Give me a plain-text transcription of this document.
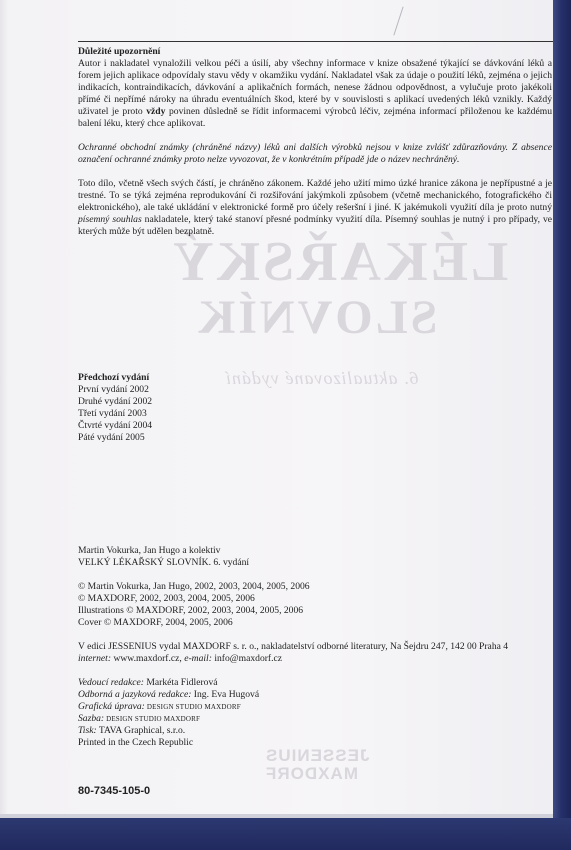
LÉKAŘSKÝ
SLOVNÍK
6. aktualizované vydání
JESSENIUS
MAXDORF
Důležité upozornění

Autor i nakladatel vynaložili velkou péči a úsilí, aby všechny informace v knize obsažené týkající se dávkování léků a forem jejich aplikace odpovídaly stavu vědy v okamžiku vydání. Nakladatel však za údaje o použití léků, zejména o jejich indikacích, kontraindikacích, dávkování a aplikačních formách, nenese žádnou odpovědnost, a vylučuje proto jakékoli přímé či nepřímé nároky na úhradu eventuálních škod, které by v souvislosti s aplikací uvedených léků vznikly. Každý uživatel je proto vždy povinen důsledně se řídit informacemi výrobců léčiv, zejména informací přiloženou ke každému balení léku, který chce aplikovat.

Ochranné obchodní známky (chráněné názvy) léků ani dalších výrobků nejsou v knize zvlášť zdůrazňovány. Z absence označení ochranné známky proto nelze vyvozovat, že v konkrétním případě jde o název nechráněný.

Toto dílo, včetně všech svých částí, je chráněno zákonem. Každé jeho užití mimo úzké hranice zákona je nepřípustné a je trestné. To se týká zejména reprodukování či rozšiřování jakýmkoli způsobem (včetně mechanického, fotografického či elektronického), ale také ukládání v elektronické formě pro účely rešeršní i jiné. K jakémukoli využití díla je proto nutný písemný souhlas nakladatele, který také stanoví přesné podmínky využití díla. Písemný souhlas je nutný i pro případy, ve kterých může být udělen bezplatně.

Předchozí vydání
První vydání 2002
Druhé vydání 2002
Třetí vydání 2003
Čtvrté vydání 2004
Páté vydání 2005

Martin Vokurka, Jan Hugo a kolektiv

VELKÝ LÉKAŘSKÝ SLOVNÍK. 6. vydání

© Martin Vokurka, Jan Hugo, 2002, 2003, 2004, 2005, 2006

© MAXDORF, 2002, 2003, 2004, 2005, 2006

Illustrations © MAXDORF, 2002, 2003, 2004, 2005, 2006

Cover © MAXDORF, 2004, 2005, 2006

V edici JESSENIUS vydal MAXDORF s. r. o., nakladatelství odborné literatury, Na Šejdru 247, 142 00 Praha 4

internet: www.maxdorf.cz, e-mail: info@maxdorf.cz

Vedoucí redakce: Markéta Fidlerová

Odborná a jazyková redakce: Ing. Eva Hugová

Grafická úprava: DESIGN STUDIO MAXDORF

Sazba: DESIGN STUDIO MAXDORF

Tisk: TAVA Graphical, s.r.o.

Printed in the Czech Republic

80-7345-105-0
